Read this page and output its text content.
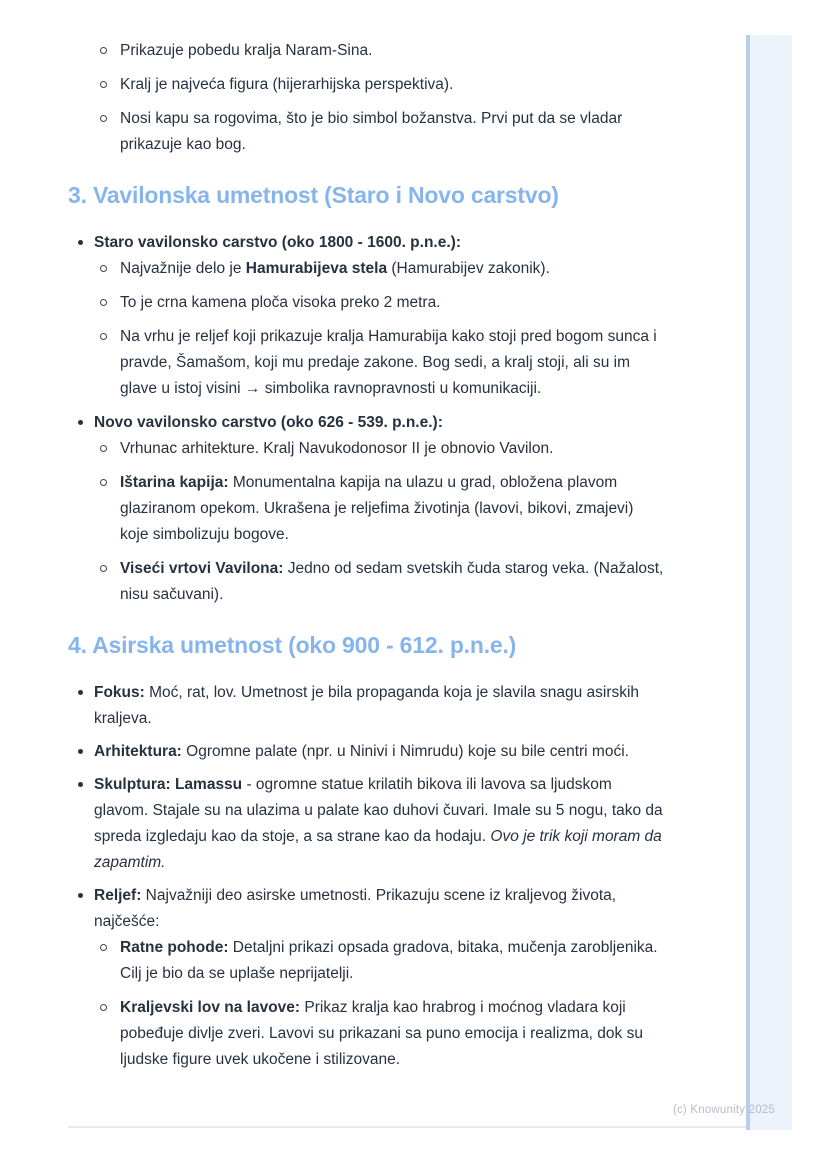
(c) Knowunity 2025
Prikazuje pobedu kralja Naram-Sina.
Kralj je najveća figura (hijerarhijska perspektiva).
Nosi kapu sa rogovima, što je bio simbol božanstva. Prvi put da se vladar prikazuje kao bog.
3. Vavilonska umetnost (Staro i Novo carstvo)
Staro vavilonsko carstvo (oko 1800 - 1600. p.n.e.):
Najvažnije delo je Hamurabijeva stela (Hamurabijev zakonik).
To je crna kamena ploča visoka preko 2 metra.
Na vrhu je reljef koji prikazuje kralja Hamurabija kako stoji pred bogom sunca i pravde, Šamašom, koji mu predaje zakone. Bog sedi, a kralj stoji, ali su im glave u istoj visini → simbolika ravnopravnosti u komunikaciji.
Novo vavilonsko carstvo (oko 626 - 539. p.n.e.):
Vrhunac arhitekture. Kralj Navukodonosor II je obnovio Vavilon.
Ištarina kapija: Monumentalna kapija na ulazu u grad, obložena plavom glaziranom opekom. Ukrašena je reljefima životinja (lavovi, bikovi, zmajevi) koje simbolizuju bogove.
Viseći vrtovi Vavilona: Jedno od sedam svetskih čuda starog veka. (Nažalost, nisu sačuvani).
4. Asirska umetnost (oko 900 - 612. p.n.e.)
Fokus: Moć, rat, lov. Umetnost je bila propaganda koja je slavila snagu asirskih kraljeva.
Arhitektura: Ogromne palate (npr. u Ninivi i Nimrudu) koje su bile centri moći.
Skulptura: Lamassu - ogromne statue krilatih bikova ili lavova sa ljudskom glavom. Stajale su na ulazima u palate kao duhovi čuvari. Imale su 5 nogu, tako da spreda izgledaju kao da stoje, a sa strane kao da hodaju. Ovo je trik koji moram da zapamtim.
Reljef: Najvažniji deo asirske umetnosti. Prikazuju scene iz kraljevog života, najčešće:
Ratne pohode: Detaljni prikazi opsada gradova, bitaka, mučenja zarobljenika. Cilj je bio da se uplaše neprijatelji.
Kraljevski lov na lavove: Prikaz kralja kao hrabrog i moćnog vladara koji pobeđuje divlje zveri. Lavovi su prikazani sa puno emocija i realizma, dok su ljudske figure uvek ukočene i stilizovane.
